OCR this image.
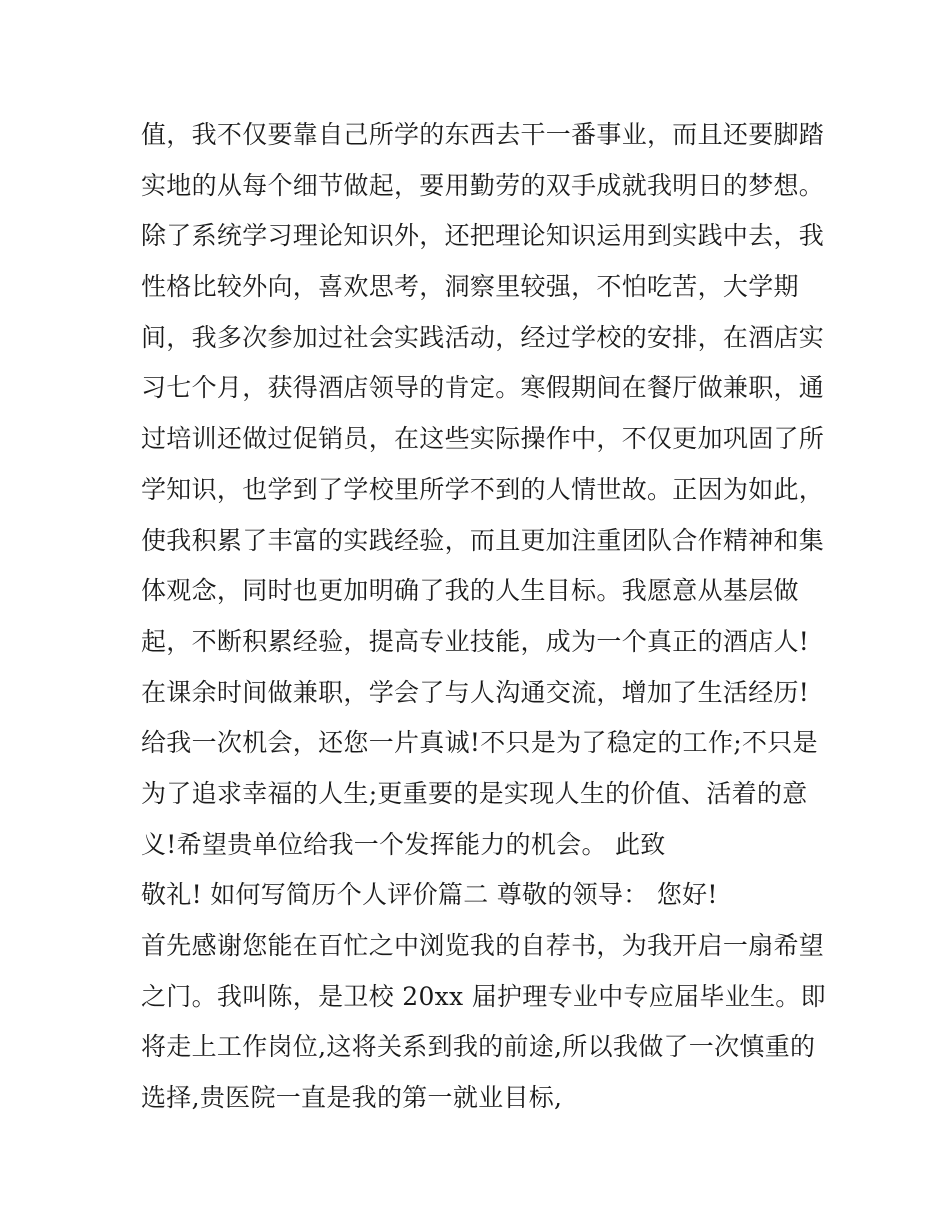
值，我不仅要靠自己所学的东西去干一番事业，而且还要脚踏
实地的从每个细节做起，要用勤劳的双手成就我明日的梦想。
除了系统学习理论知识外，还把理论知识运用到实践中去，我
性格比较外向，喜欢思考，洞察里较强，不怕吃苦，大学期
间，我多次参加过社会实践活动，经过学校的安排，在酒店实
习七个月，获得酒店领导的肯定。寒假期间在餐厅做兼职，通
过培训还做过促销员，在这些实际操作中，不仅更加巩固了所
学知识，也学到了学校里所学不到的人情世故。正因为如此，
使我积累了丰富的实践经验，而且更加注重团队合作精神和集
体观念，同时也更加明确了我的人生目标。我愿意从基层做
起，不断积累经验，提高专业技能，成为一个真正的酒店人!
在课余时间做兼职，学会了与人沟通交流，增加了生活经历!
给我一次机会，还您一片真诚!不只是为了稳定的工作;不只是
为了追求幸福的人生;更重要的是实现人生的价值、活着的意
义!希望贵单位给我一个发挥能力的机会。 此致
敬礼! 如何写简历个人评价篇二 尊敬的领导： 您好!
首先感谢您能在百忙之中浏览我的自荐书，为我开启一扇希望
之门。我叫陈，是卫校 20xx 届护理专业中专应届毕业生。即
将走上工作岗位,这将关系到我的前途,所以我做了一次慎重的
选择,贵医院一直是我的第一就业目标,
